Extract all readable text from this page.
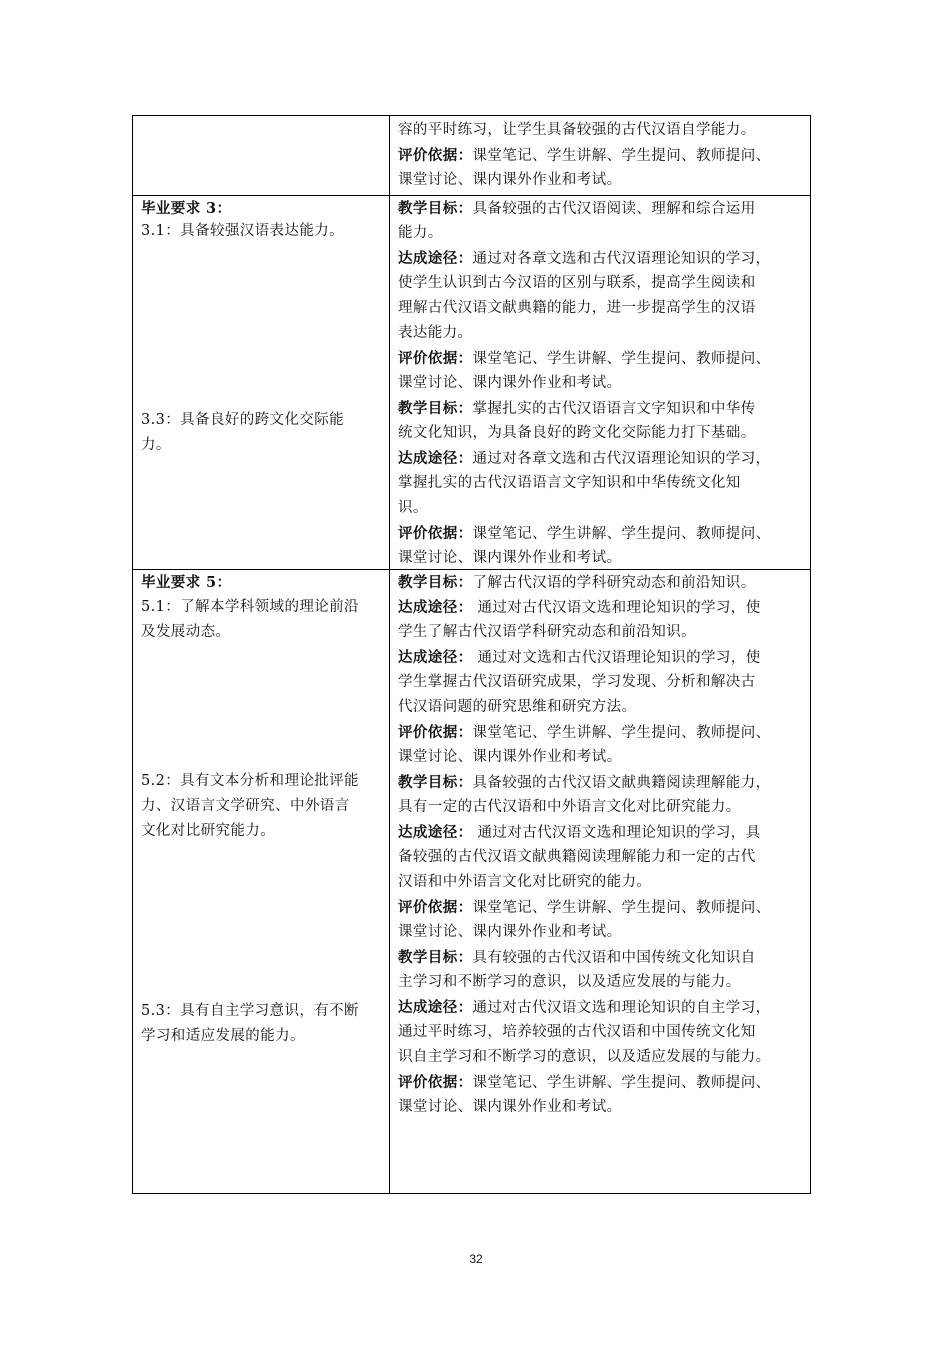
容的平时练习，让学生具备较强的古代汉语自学能力。

评价依据：课堂笔记、学生讲解、学生提问、教师提问、

课堂讨论、课内课外作业和考试。

毕业要求 3：

3.1：具备较强汉语表达能力。

3.3：具备良好的跨文化交际能

力。

教学目标：具备较强的古代汉语阅读、理解和综合运用

能力。

达成途径：通过对各章文选和古代汉语理论知识的学习，

使学生认识到古今汉语的区别与联系，提高学生阅读和

理解古代汉语文献典籍的能力，进一步提高学生的汉语

表达能力。

评价依据：课堂笔记、学生讲解、学生提问、教师提问、

课堂讨论、课内课外作业和考试。

教学目标：掌握扎实的古代汉语语言文字知识和中华传

统文化知识，为具备良好的跨文化交际能力打下基础。

达成途径：通过对各章文选和古代汉语理论知识的学习，

掌握扎实的古代汉语语言文字知识和中华传统文化知

识。

评价依据：课堂笔记、学生讲解、学生提问、教师提问、

课堂讨论、课内课外作业和考试。

毕业要求 5：

5.1：了解本学科领域的理论前沿

及发展动态。

5.2：具有文本分析和理论批评能

力、汉语言文学研究、中外语言

文化对比研究能力。

5.3：具有自主学习意识，有不断

学习和适应发展的能力。

教学目标：了解古代汉语的学科研究动态和前沿知识。

达成途径： 通过对古代汉语文选和理论知识的学习，使

学生了解古代汉语学科研究动态和前沿知识。

达成途径： 通过对文选和古代汉语理论知识的学习，使

学生掌握古代汉语研究成果，学习发现、分析和解决古

代汉语问题的研究思维和研究方法。

评价依据：课堂笔记、学生讲解、学生提问、教师提问、

课堂讨论、课内课外作业和考试。

教学目标：具备较强的古代汉语文献典籍阅读理解能力，

具有一定的古代汉语和中外语言文化对比研究能力。

达成途径： 通过对古代汉语文选和理论知识的学习，具

备较强的古代汉语文献典籍阅读理解能力和一定的古代

汉语和中外语言文化对比研究的能力。

评价依据：课堂笔记、学生讲解、学生提问、教师提问、

课堂讨论、课内课外作业和考试。

教学目标：具有较强的古代汉语和中国传统文化知识自

主学习和不断学习的意识，以及适应发展的与能力。

达成途径：通过对古代汉语文选和理论知识的自主学习，

通过平时练习，培养较强的古代汉语和中国传统文化知

识自主学习和不断学习的意识，以及适应发展的与能力。

评价依据：课堂笔记、学生讲解、学生提问、教师提问、

课堂讨论、课内课外作业和考试。

32
